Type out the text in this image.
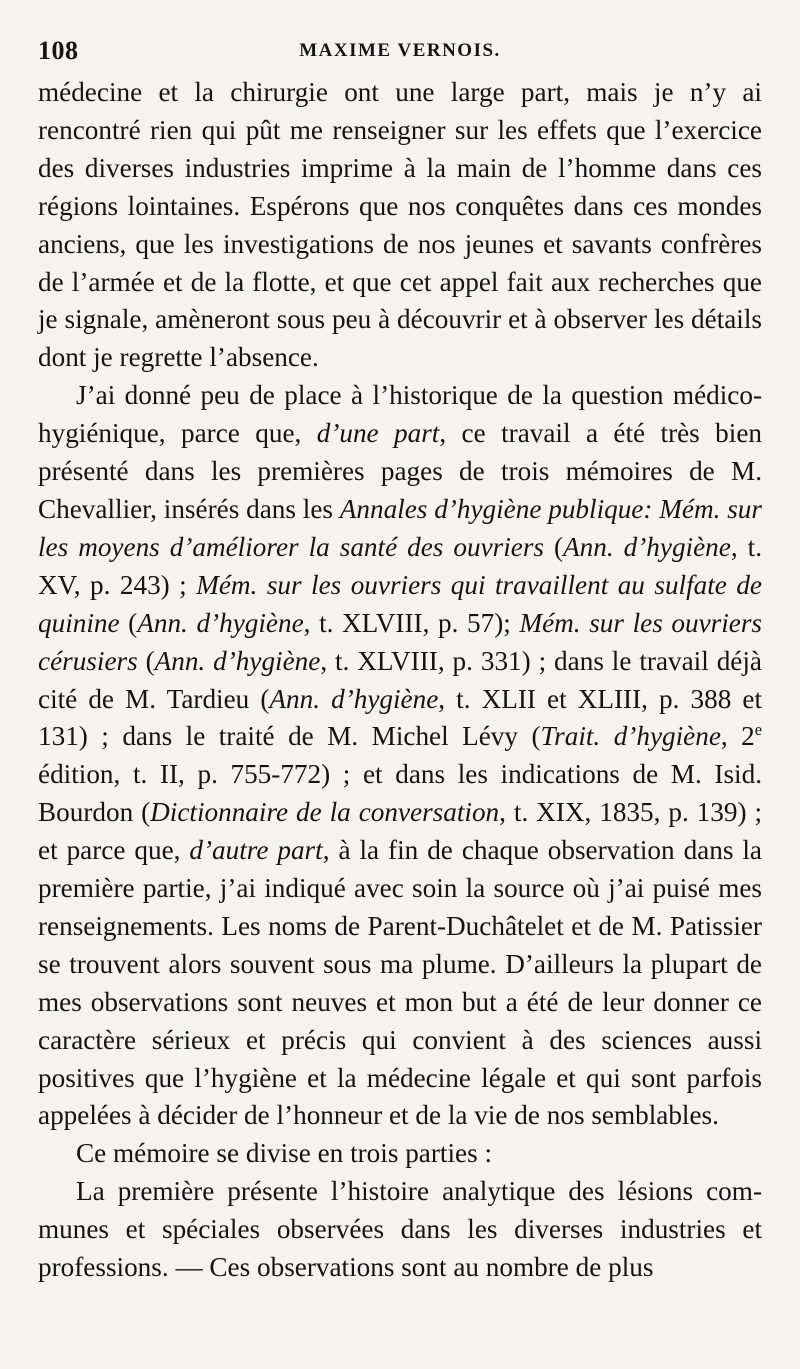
108	MAXIME VERNOIS.

médecine et la chirurgie ont une large part, mais je n’y ai rencontré rien qui pût me renseigner sur les effets que l’exercice des diverses industries imprime à la main de l’homme dans ces régions lointaines. Espérons que nos conquêtes dans ces mondes anciens, que les investigations de nos jeunes et savants confrères de l’armée et de la flotte, et que cet appel fait aux recherches que je signale, amèneront sous peu à découvrir et à observer les détails dont je regrette l’absence.

J’ai donné peu de place à l’historique de la question médico-hygiénique, parce que, d’une part, ce travail a été très bien présenté dans les premières pages de trois mémoires de M. Chevallier, insérés dans les Annales d’hygiène publique: Mém. sur les moyens d’améliorer la santé des ouvriers (Ann. d’hygiène, t. XV, p. 243) ; Mém. sur les ouvriers qui travaillent au sulfate de quinine (Ann. d’hygiène, t. XLVIII, p. 57); Mém. sur les ouvriers cérusiers (Ann. d’hygiène, t. XLVIII, p. 331) ; dans le travail déjà cité de M. Tardieu (Ann. d’hygiène, t. XLII et XLIII, p. 388 et 131) ; dans le traité de M. Michel Lévy (Trait. d’hygiène, 2e édition, t. II, p. 755-772) ; et dans les indications de M. Isid. Bourdon (Dictionnaire de la conversation, t. XIX, 1835, p. 139) ; et parce que, d’autre part, à la fin de chaque observation dans la première partie, j’ai indiqué avec soin la source où j’ai puisé mes renseignements. Les noms de Parent-Duchâtelet et de M. Patissier se trouvent alors souvent sous ma plume. D’ailleurs la plupart de mes observations sont neuves et mon but a été de leur donner ce caractère sérieux et précis qui convient à des sciences aussi positives que l’hygiène et la médecine légale et qui sont parfois appelées à décider de l’honneur et de la vie de nos semblables.

Ce mémoire se divise en trois parties :

La première présente l’histoire analytique des lésions communes et spéciales observées dans les diverses industries et professions. — Ces observations sont au nombre de plus
